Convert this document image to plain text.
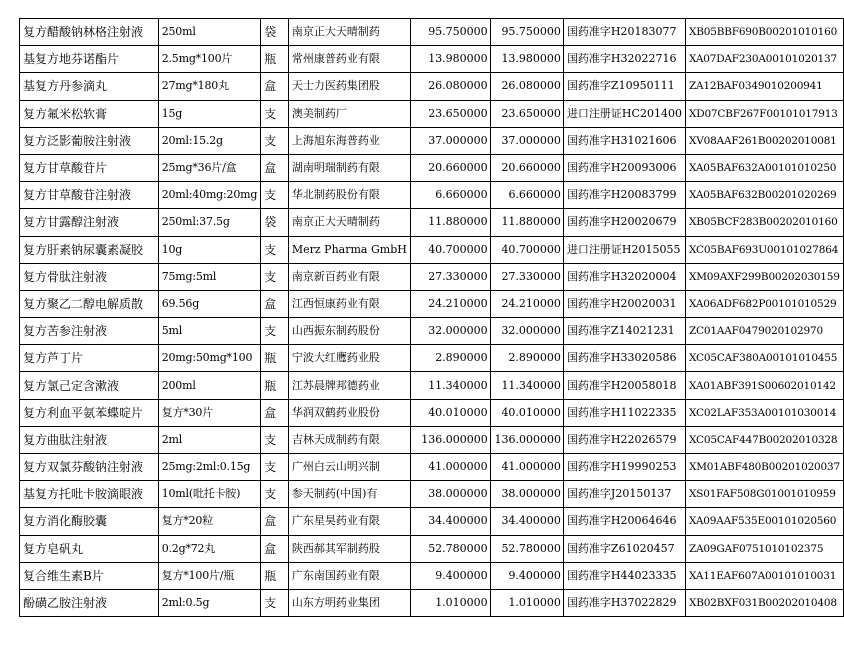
复方醋酸钠林格注射液	250ml	袋	南京正大天晴制药	95.750000	95.750000	国药准字H20183077	XB05BBF690B00201010160
基复方地芬诺酯片	2.5mg*100片	瓶	常州康普药业有限	13.980000	13.980000	国药准字H32022716	XA07DAF230A00101020137
基复方丹参滴丸	27mg*180丸	盒	天士力医药集团股	26.080000	26.080000	国药准字Z10950111	ZA12BAF0349010200941
复方氟米松软膏	15g	支	澳美制药厂	23.650000	23.650000	进口注册证HC201400	XD07CBF267F00101017913
复方泛影葡胺注射液	20ml:15.2g	支	上海旭东海普药业	37.000000	37.000000	国药准字H31021606	XV08AAF261B00202010081
复方甘草酸苷片	25mg*36片/盒	盒	湖南明瑞制药有限	20.660000	20.660000	国药准字H20093006	XA05BAF632A00101010250
复方甘草酸苷注射液	20ml:40mg:20mg	支	华北制药股份有限	6.660000	6.660000	国药准字H20083799	XA05BAF632B00201020269
复方甘露醇注射液	250ml:37.5g	袋	南京正大天晴制药	11.880000	11.880000	国药准字H20020679	XB05BCF283B00202010160
复方肝素钠尿囊素凝胶	10g	支	Merz Pharma GmbH	40.700000	40.700000	进口注册证H2015055	XC05BAF693U00101027864
复方骨肽注射液	75mg:5ml	支	南京新百药业有限	27.330000	27.330000	国药准字H32020004	XM09AXF299B00202030159
复方聚乙二醇电解质散	69.56g	盒	江西恒康药业有限	24.210000	24.210000	国药准字H20020031	XA06ADF682P00101010529
复方苦参注射液	5ml	支	山西振东制药股份	32.000000	32.000000	国药准字Z14021231	ZC01AAF0479020102970
复方芦丁片	20mg:50mg*100	瓶	宁波大红鹰药业股	2.890000	2.890000	国药准字H33020586	XC05CAF380A00101010455
复方氯己定含漱液	200ml	瓶	江苏晨牌邦德药业	11.340000	11.340000	国药准字H20058018	XA01ABF391S00602010142
复方利血平氨苯蝶啶片	复方*30片	盒	华润双鹤药业股份	40.010000	40.010000	国药准字H11022335	XC02LAF353A00101030014
复方曲肽注射液	2ml	支	吉林天成制药有限	136.000000	136.000000	国药准字H22026579	XC05CAF447B00202010328
复方双氯芬酸钠注射液	25mg:2ml:0.15g	支	广州白云山明兴制	41.000000	41.000000	国药准字H19990253	XM01ABF480B00201020037
基复方托吡卡胺滴眼液	10ml(吡托卡胺)	支	参天制药(中国)有	38.000000	38.000000	国药准字J20150137	XS01FAF508G01001010959
复方消化酶胶囊	复方*20粒	盒	广东星昊药业有限	34.400000	34.400000	国药准字H20064646	XA09AAF535E00101020560
复方皂矾丸	0.2g*72丸	盒	陕西郝其军制药股	52.780000	52.780000	国药准字Z61020457	ZA09GAF0751010102375
复合维生素B片	复方*100片/瓶	瓶	广东南国药业有限	9.400000	9.400000	国药准字H44023335	XA11EAF607A00101010031
酚磺乙胺注射液	2ml:0.5g	支	山东方明药业集团	1.010000	1.010000	国药准字H37022829	XB02BXF031B00202010408
